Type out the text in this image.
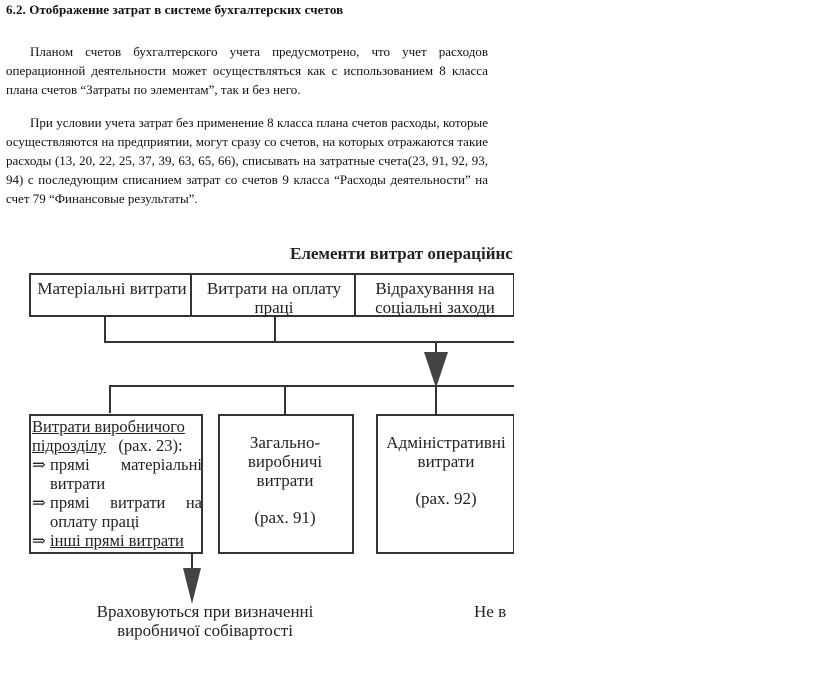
6.2. Отображение затрат в системе бухгалтерских счетов

Планом счетов бухгалтерского учета предусмотрено, что учет расходов операционной деятельности может осуществляться как с использованием 8 класса плана счетов “Затраты по элементам”, так и без него.

При условии учета затрат без применение 8 класса плана счетов расходы, которые осуществляются на предприятии, могут сразу со счетов, на которых отражаются такие расходы (13, 20, 22, 25, 37, 39, 63, 65, 66), списывать на затратные счета(23, 91, 92, 93, 94) с последующим списанием затрат со счетов 9 класса “Расходы деятельности” на счет 79 “Финансовые результаты”.

Елементи витрат операційнс
Матеріальні витрати	Витрати на оплату праці
Відрахування на соціальні заходи
Витрати виробничого
підрозділу (рах. 23):
⇒ прямі матеріальні
витрати
⇒ прямі витрати на
оплату праці
⇒ інші прямі витрати
Загально-виробничі витрати
(рах. 91)
Адміністративні витрати
(рах. 92)
Враховуються при визначенні виробничої собівартості
Не в
